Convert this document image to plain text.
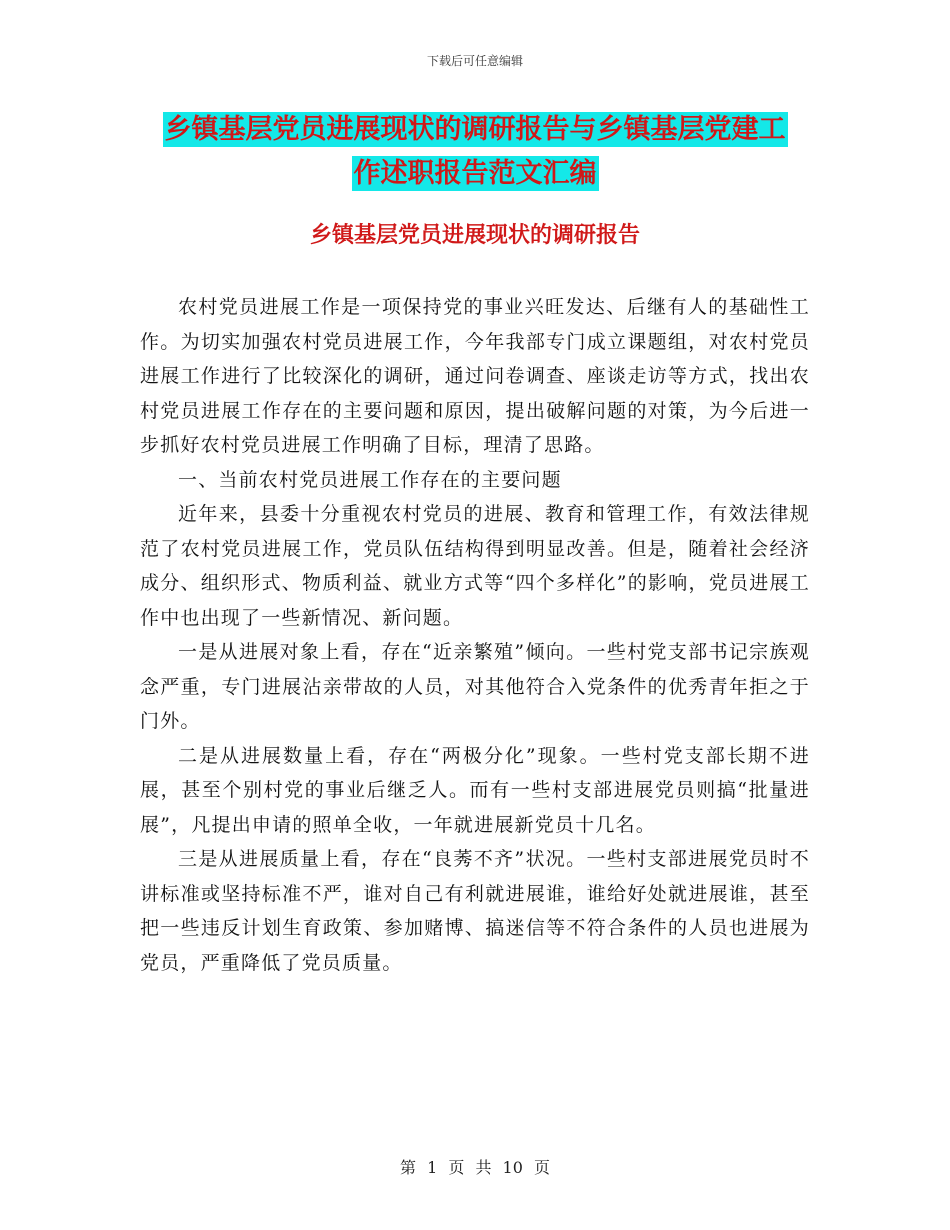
下载后可任意编辑
乡镇基层党员进展现状的调研报告与乡镇基层党建工
作述职报告范文汇编
乡镇基层党员进展现状的调研报告

农村党员进展工作是一项保持党的事业兴旺发达、后继有人的基础性工作。为切实加强农村党员进展工作，今年我部专门成立课题组，对农村党员进展工作进行了比较深化的调研，通过问卷调查、座谈走访等方式，找出农村党员进展工作存在的主要问题和原因，提出破解问题的对策，为今后进一步抓好农村党员进展工作明确了目标，理清了思路。

一、当前农村党员进展工作存在的主要问题

近年来，县委十分重视农村党员的进展、教育和管理工作，有效法律规范了农村党员进展工作，党员队伍结构得到明显改善。但是，随着社会经济成分、组织形式、物质利益、就业方式等“四个多样化”的影响，党员进展工作中也出现了一些新情况、新问题。

一是从进展对象上看，存在“近亲繁殖”倾向。一些村党支部书记宗族观念严重，专门进展沾亲带故的人员，对其他符合入党条件的优秀青年拒之于门外。

二是从进展数量上看，存在“两极分化”现象。一些村党支部长期不进展，甚至个别村党的事业后继乏人。而有一些村支部进展党员则搞“批量进展”，凡提出申请的照单全收，一年就进展新党员十几名。

三是从进展质量上看，存在“良莠不齐”状况。一些村支部进展党员时不讲标准或坚持标准不严，谁对自己有利就进展谁，谁给好处就进展谁，甚至把一些违反计划生育政策、参加赌博、搞迷信等不符合条件的人员也进展为党员，严重降低了党员质量。

第 1 页 共 10 页
